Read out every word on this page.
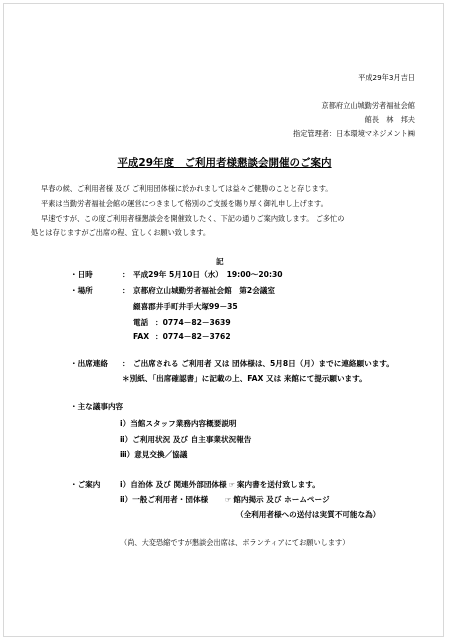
平成29年3月吉日
京都府立山城勤労者福祉会館
館長　林　邦夫
指定管理者：日本環境マネジメント㈱
平成29年度　ご利用者様懇談会開催のご案内
早春の候、ご利用者様 及び ご利用団体様に於かれましては益々ご健勝のことと存じます。
平素は当勤労者福祉会館の運営につきまして格別のご支援を賜り厚く御礼申し上げます。
早速ですが、この度ご利用者様懇談会を開催致したく、下記の通りご案内致します。 ご多忙の
処とは存じますがご出席の程、宜しくお願い致します。
記
・日時	： 平成29年 5月10日（水）　19:00～20:30
・場所	： 京都府立山城勤労者福祉会館　第2会議室
綴喜郡井手町井手大塚99－35
電話 ：0774－82－3639
FAX ：0774－82－3762
・出席連絡 ： ご出席される ご利用者 又は 団体様は、5月8日（月）までに連絡願います。
＊別紙、「出席確認書」に記載の上、FAX 又は 来館にて提示願います。
・主な議事内容
ⅰ）当館スタッフ業務内容概要説明
ⅱ）ご利用状況 及び 自主事業状況報告
ⅲ）意見交換／協議
・ご案内	ⅰ）自治体 及び 関連外部団体様 ☞ 案内書を送付致します。
ⅱ）一般ご利用者・団体様 ☞ 館内掲示 及び ホームページ
（全利用者様への送付は実質不可能な為）
（尚、大変恐縮ですが懇談会出席は、ボランティアにてお願いします）
